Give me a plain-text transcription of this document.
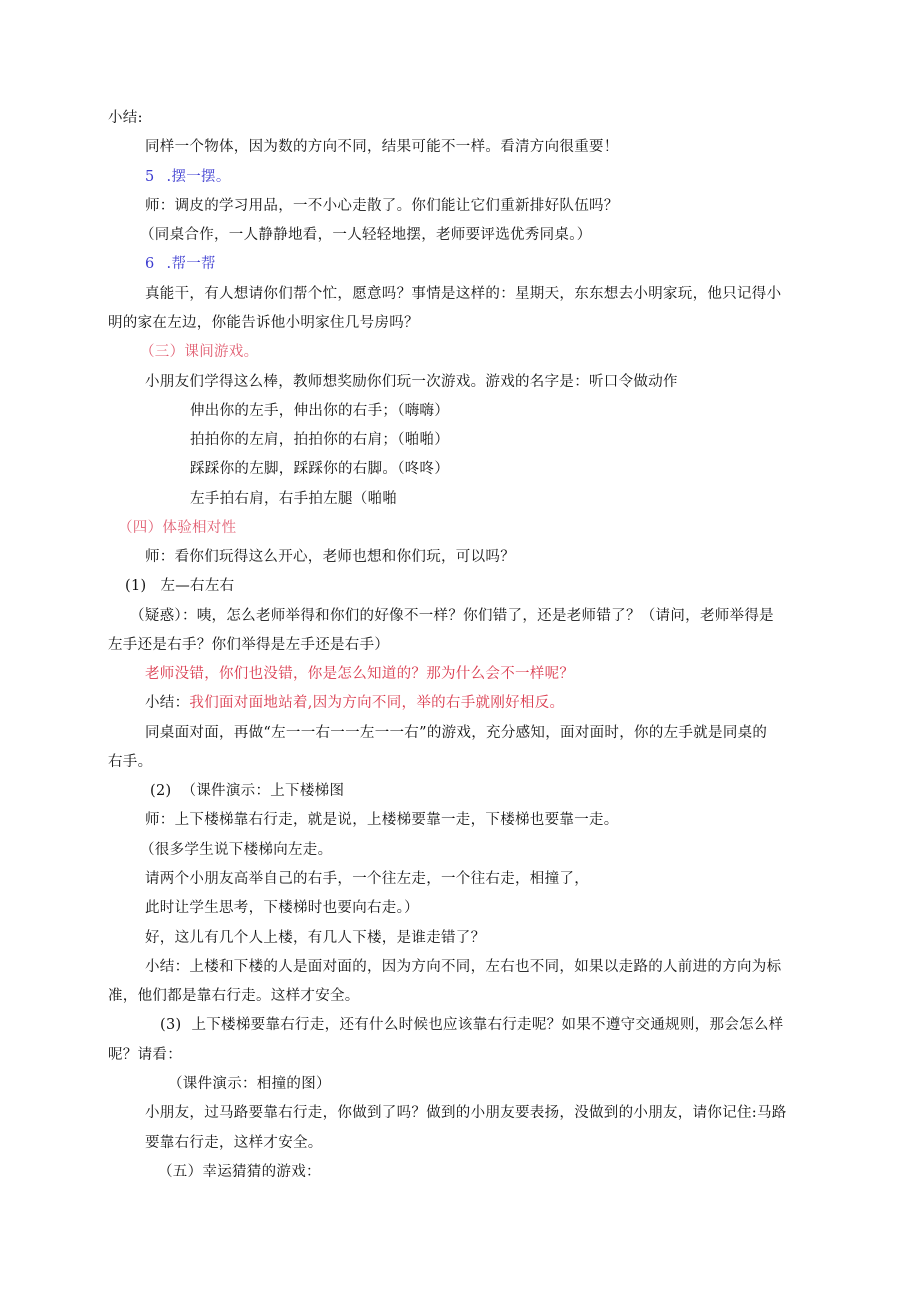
小结:
同样一个物体，因为数的方向不同，结果可能不一样。看清方向很重要！
5 .摆一摆。
师：调皮的学习用品，一不小心走散了。你们能让它们重新排好队伍吗？
（同桌合作，一人静静地看，一人轻轻地摆，老师要评选优秀同桌。）
6 .帮一帮
真能干，有人想请你们帮个忙，愿意吗？事情是这样的：星期天，东东想去小明家玩，他只记得小
明的家在左边，你能告诉他小明家住几号房吗？
（三）课间游戏。
小朋友们学得这么棒，教师想奖励你们玩一次游戏。游戏的名字是：听口令做动作
伸出你的左手，伸出你的右手；（嗨嗨）
拍拍你的左肩，拍拍你的右肩；（啪啪）
踩踩你的左脚，踩踩你的右脚。（咚咚）
左手拍右肩，右手拍左腿（啪啪
（四）体验相对性
师：看你们玩得这么开心，老师也想和你们玩，可以吗？
(1) 左—右左右
（疑惑）：咦，怎么老师举得和你们的好像不一样？你们错了，还是老师错了？（请问，老师举得是
左手还是右手？你们举得是左手还是右手）
老师没错，你们也没错，你是怎么知道的？那为什么会不一样呢？
小结：我们面对面地站着,因为方向不同，举的右手就刚好相反。
同桌面对面，再做“左一一右一一左一一右”的游戏，充分感知，面对面时，你的左手就是同桌的
右手。
(2) （课件演示：上下楼梯图
师：上下楼梯靠右行走，就是说，上楼梯要靠一走，下楼梯也要靠一走。
（很多学生说下楼梯向左走。
请两个小朋友高举自己的右手，一个往左走，一个往右走，相撞了，
此时让学生思考，下楼梯时也要向右走。）
好，这儿有几个人上楼，有几人下楼，是谁走错了？
小结：上楼和下楼的人是面对面的，因为方向不同，左右也不同，如果以走路的人前进的方向为标
准，他们都是靠右行走。这样才安全。
(3) 上下楼梯要靠右行走，还有什么时候也应该靠右行走呢？如果不遵守交通规则，那会怎么样
呢？请看：
（课件演示：相撞的图）
小朋友，过马路要靠右行走，你做到了吗？做到的小朋友要表扬，没做到的小朋友，请你记住:马路
要靠右行走，这样才安全。
（五）幸运猜猜的游戏：
